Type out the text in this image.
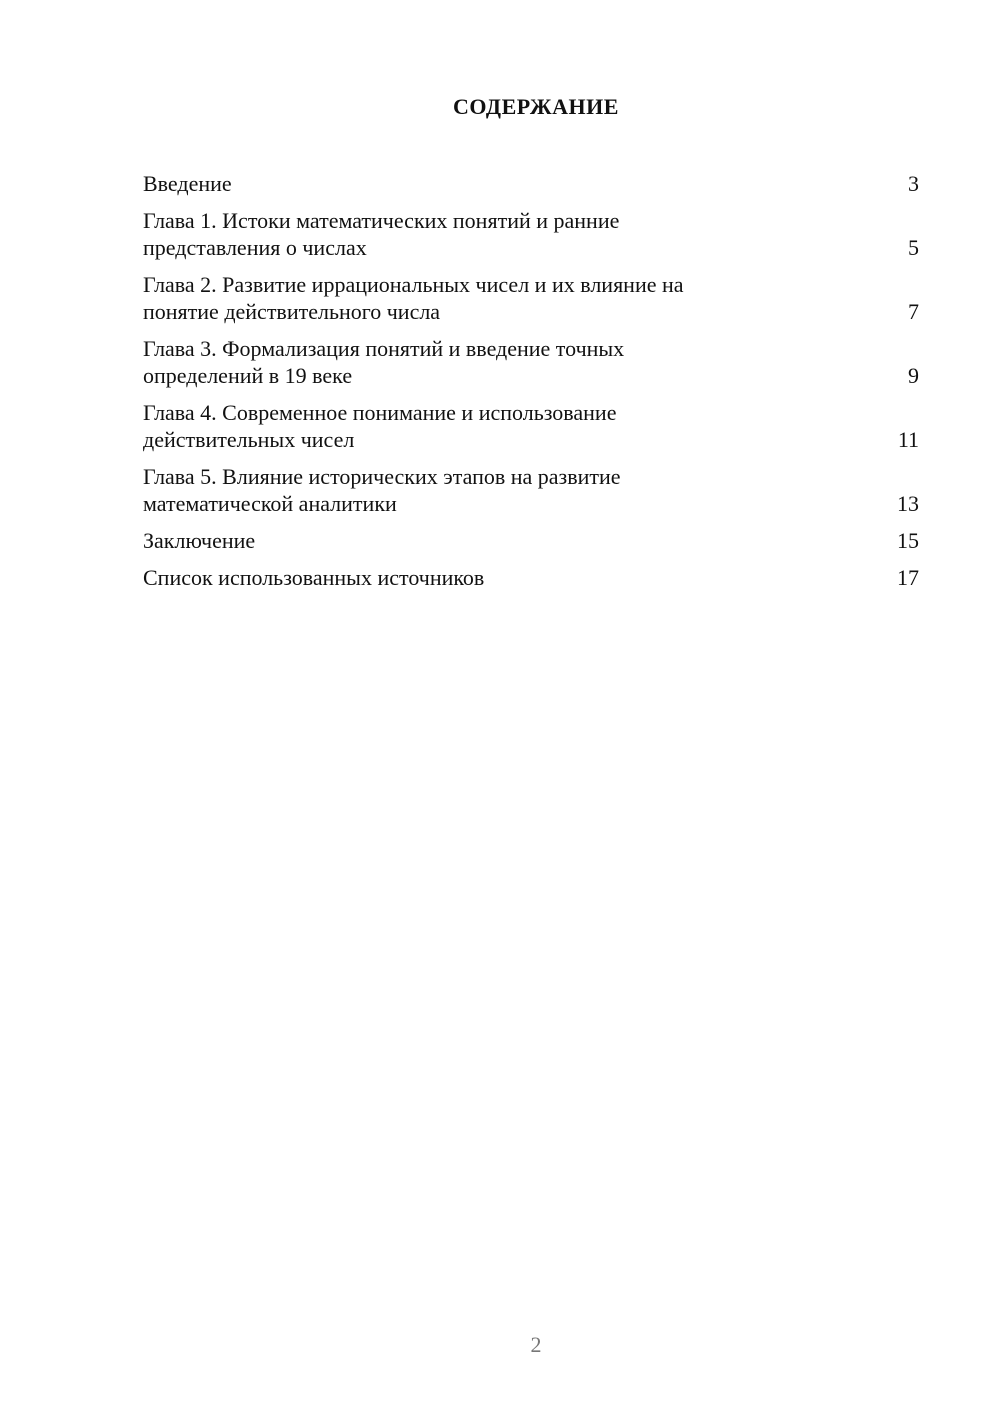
СОДЕРЖАНИЕ
Введение	3
Глава 1. Истоки математических понятий и ранние
представления о числах	5
Глава 2. Развитие иррациональных чисел и их влияние на
понятие действительного числа	7
Глава 3. Формализация понятий и введение точных
определений в 19 веке	9
Глава 4. Современное понимание и использование
действительных чисел	11
Глава 5. Влияние исторических этапов на развитие
математической аналитики	13
Заключение	15
Список использованных источников	17
2
